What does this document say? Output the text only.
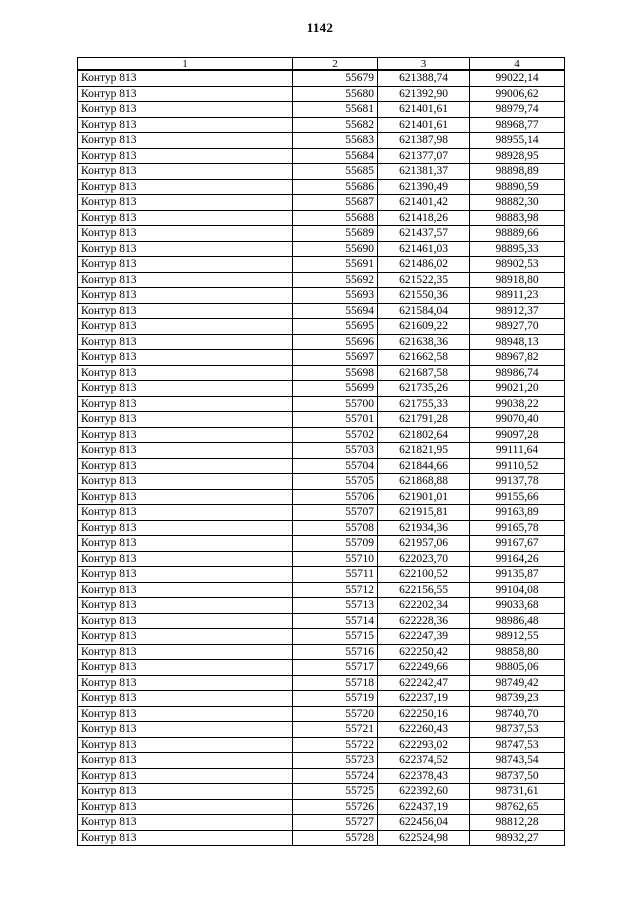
1142
1	2	3	4
Контур 813	55679	621388,74	99022,14
Контур 813	55680	621392,90	99006,62
Контур 813	55681	621401,61	98979,74
Контур 813	55682	621401,61	98968,77
Контур 813	55683	621387,98	98955,14
Контур 813	55684	621377,07	98928,95
Контур 813	55685	621381,37	98898,89
Контур 813	55686	621390,49	98890,59
Контур 813	55687	621401,42	98882,30
Контур 813	55688	621418,26	98883,98
Контур 813	55689	621437,57	98889,66
Контур 813	55690	621461,03	98895,33
Контур 813	55691	621486,02	98902,53
Контур 813	55692	621522,35	98918,80
Контур 813	55693	621550,36	98911,23
Контур 813	55694	621584,04	98912,37
Контур 813	55695	621609,22	98927,70
Контур 813	55696	621638,36	98948,13
Контур 813	55697	621662,58	98967,82
Контур 813	55698	621687,58	98986,74
Контур 813	55699	621735,26	99021,20
Контур 813	55700	621755,33	99038,22
Контур 813	55701	621791,28	99070,40
Контур 813	55702	621802,64	99097,28
Контур 813	55703	621821,95	99111,64
Контур 813	55704	621844,66	99110,52
Контур 813	55705	621868,88	99137,78
Контур 813	55706	621901,01	99155,66
Контур 813	55707	621915,81	99163,89
Контур 813	55708	621934,36	99165,78
Контур 813	55709	621957,06	99167,67
Контур 813	55710	622023,70	99164,26
Контур 813	55711	622100,52	99135,87
Контур 813	55712	622156,55	99104,08
Контур 813	55713	622202,34	99033,68
Контур 813	55714	622228,36	98986,48
Контур 813	55715	622247,39	98912,55
Контур 813	55716	622250,42	98858,80
Контур 813	55717	622249,66	98805,06
Контур 813	55718	622242,47	98749,42
Контур 813	55719	622237,19	98739,23
Контур 813	55720	622250,16	98740,70
Контур 813	55721	622260,43	98737,53
Контур 813	55722	622293,02	98747,53
Контур 813	55723	622374,52	98743,54
Контур 813	55724	622378,43	98737,50
Контур 813	55725	622392,60	98731,61
Контур 813	55726	622437,19	98762,65
Контур 813	55727	622456,04	98812,28
Контур 813	55728	622524,98	98932,27
